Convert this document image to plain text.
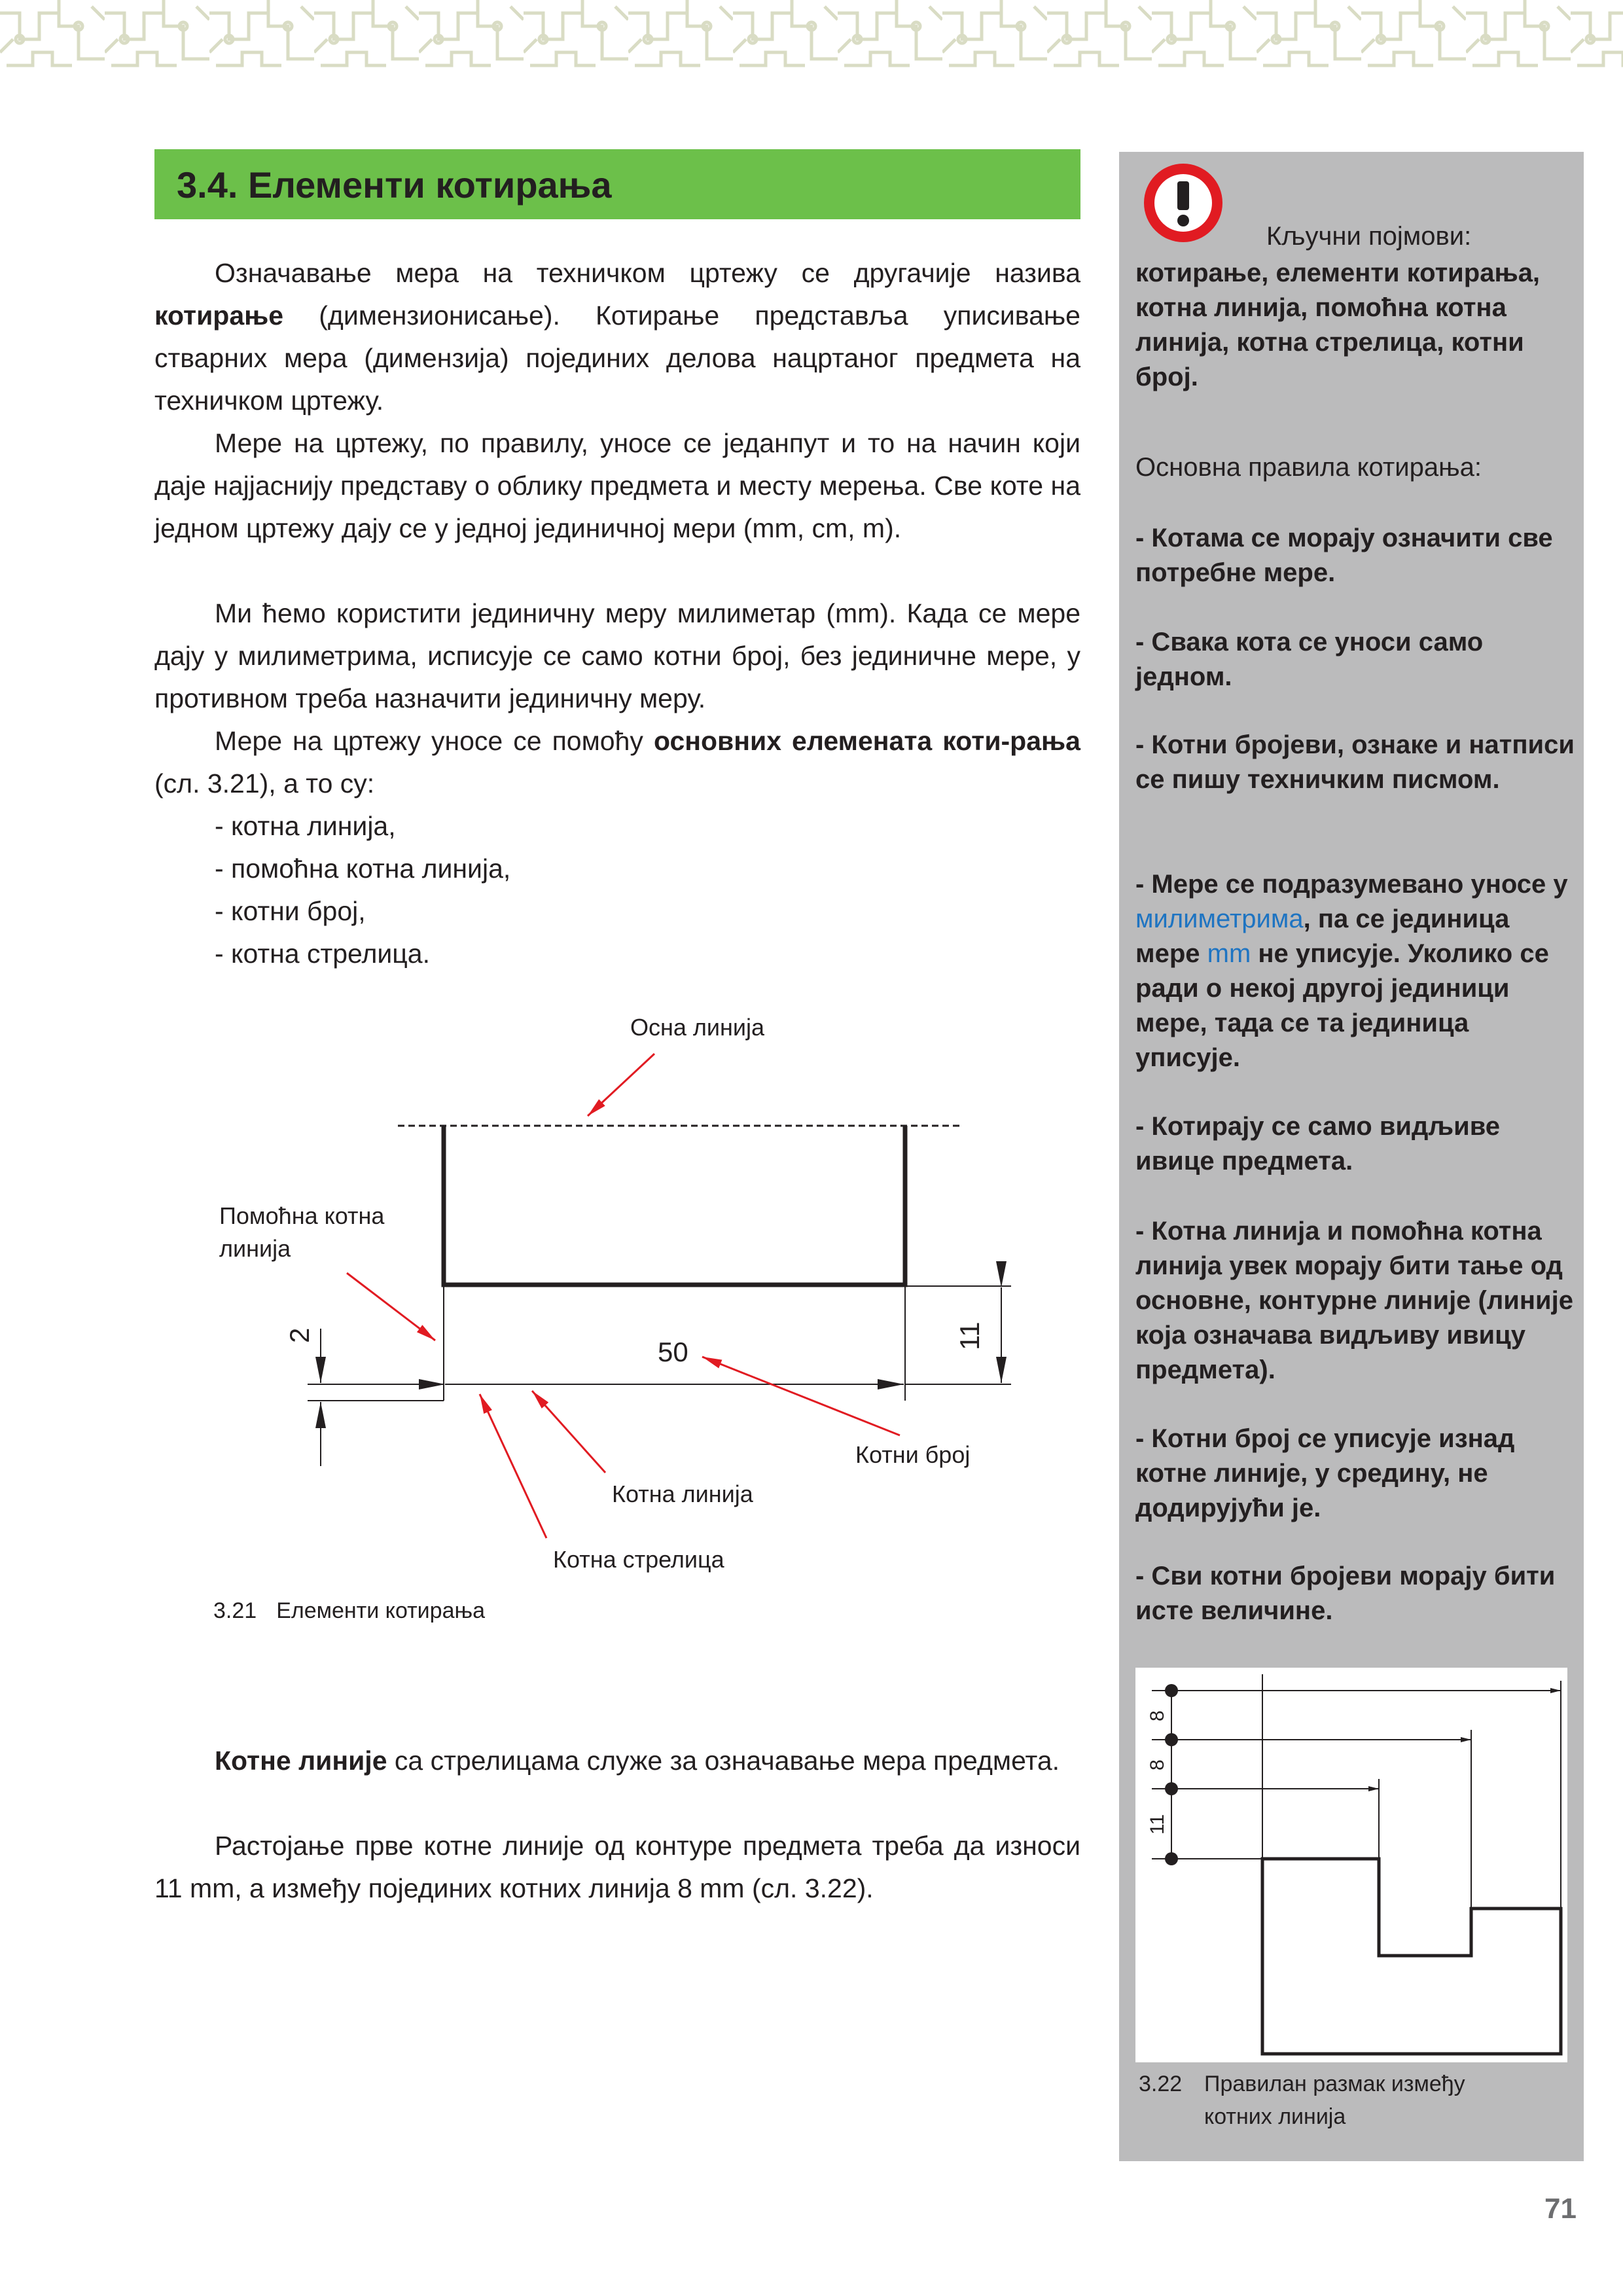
3.4. Елементи котирања

Означавање мера на техничком цртежу се другачије назива котирање (димензионисање). Котирање представља уписивање стварних мера (димензија) појединих делова нацртаног предмета на техничком цртежу.

Мере на цртежу, по правилу, уносе се једанпут и то на начин који даје најјаснију представу о облику предмета и месту мерења. Све коте на једном цртежу дају се у једној јединичној мери (mm, cm, m).

Ми ћемо користити јединичну меру милиметар (mm). Када се мере дају у милиметрима, исписује се само котни број, без јединичне мере, у противном треба назначити јединичну меру.

Мере на цртежу уносе се помоћу основних елемената коти-рања (сл. 3.21), а то су:

- котна линија,

- помоћна котна линија,

- котни број,

- котна стрелица.

Котне линије са стрелицама служе за означавање мера предмета.

Растојање прве котне линије од контуре предмета треба да износи 11 mm, а између појединих котних линија 8 mm (сл. 3.22).

50
11
2
Осна линија
Помоћна котна
линија
Котни број
Котна линија
Котна стрелица
3.21 Елементи котирања

Кључни појмови:

котирање, елементи котирања, котна линија, помоћна котна линија, котна стрелица, котни број.

Основна правила котирања:

- Котама се морају означити све потребне мере.

- Свака кота се уноси само једном.

- Котни бројеви, ознаке и натписи се пишу техничким писмом.

- Мере се подразумевано уносе у милиметрима, па се јединица мере mm не уписује. Уколико се ради о некој другој јединици мере, тада се та јединица уписује.

- Котирају се само видљиве ивице предмета.

- Котна линија и помоћна котна линија увек морају бити тање од основне, контурне линије (линије која означава видљиву ивицу предмета).

- Котни број се уписује изнад котне линије, у средину, не додирујући је.

- Сви котни бројеви морају бити исте величине.

8
8
11
3.22 Правилан размак између
котних линија
71
